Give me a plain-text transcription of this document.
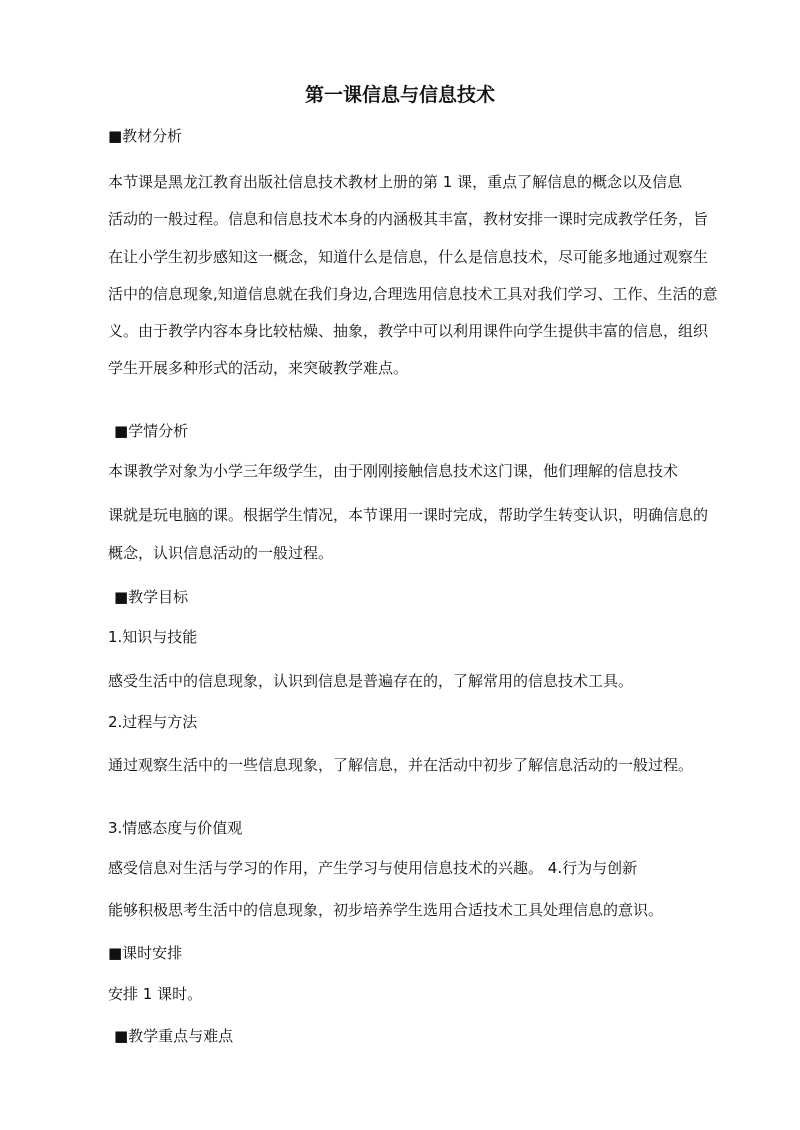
第一课信息与信息技术
■教材分析
本节课是黑龙江教育出版社信息技术教材上册的第 1 课，重点了解信息的概念以及信息
活动的一般过程。信息和信息技术本身的内涵极其丰富，教材安排一课时完成教学任务，旨
在让小学生初步感知这一概念，知道什么是信息，什么是信息技术，尽可能多地通过观察生
活中的信息现象,知道信息就在我们身边,合理选用信息技术工具对我们学习、工作、生活的意
义。由于教学内容本身比较枯燥、抽象，教学中可以利用课件向学生提供丰富的信息，组织
学生开展多种形式的活动，来突破教学难点。
■学情分析
本课教学对象为小学三年级学生，由于刚刚接触信息技术这门课，他们理解的信息技术
课就是玩电脑的课。根据学生情况，本节课用一课时完成，帮助学生转变认识，明确信息的
概念，认识信息活动的一般过程。
■教学目标
1.知识与技能
感受生活中的信息现象，认识到信息是普遍存在的，了解常用的信息技术工具。
2.过程与方法
通过观察生活中的一些信息现象，了解信息，并在活动中初步了解信息活动的一般过程。
3.情感态度与价值观
感受信息对生活与学习的作用，产生学习与使用信息技术的兴趣。 4.行为与创新
能够积极思考生活中的信息现象，初步培养学生选用合适技术工具处理信息的意识。
■课时安排
安排 1 课时。
■教学重点与难点
